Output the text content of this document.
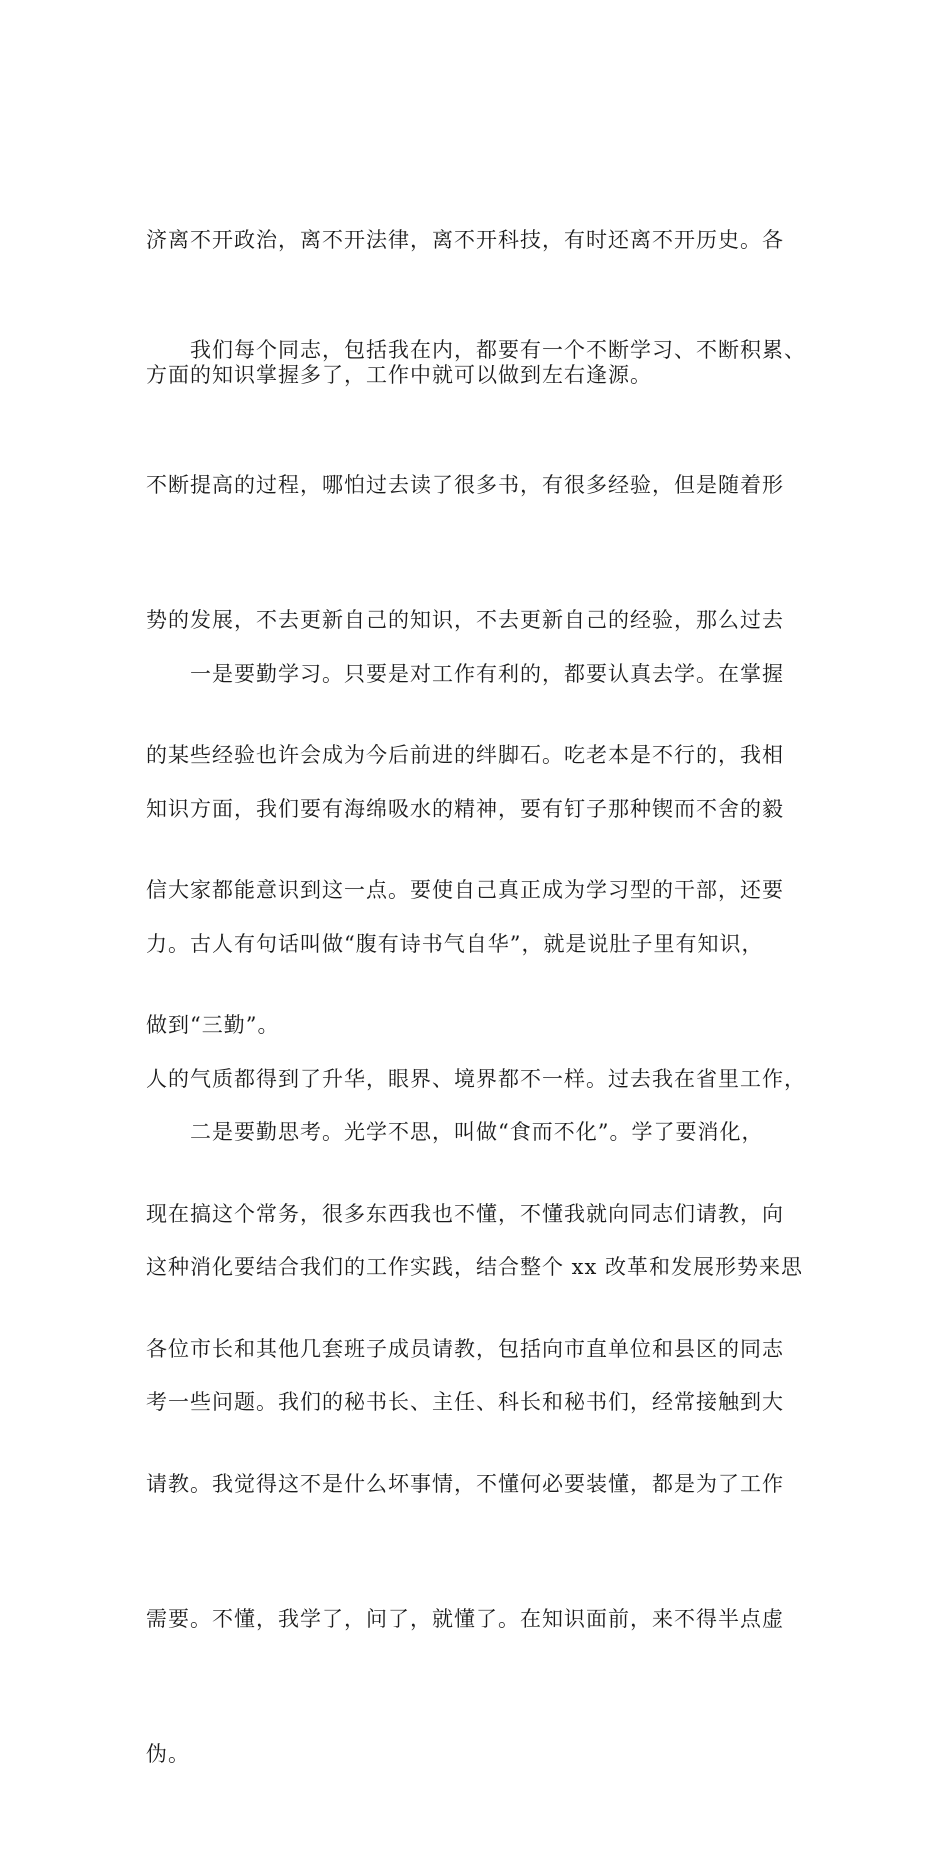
济离不开政治，离不开法律，离不开科技，有时还离不开历史。各

方面的知识掌握多了，工作中就可以做到左右逢源。

　　我们每个同志，包括我在内，都要有一个不断学习、不断积累、

不断提高的过程，哪怕过去读了很多书，有很多经验，但是随着形

势的发展，不去更新自己的知识，不去更新自己的经验，那么过去

的某些经验也许会成为今后前进的绊脚石。吃老本是不行的，我相

信大家都能意识到这一点。要使自己真正成为学习型的干部，还要

做到“三勤”。

　　一是要勤学习。只要是对工作有利的，都要认真去学。在掌握

知识方面，我们要有海绵吸水的精神，要有钉子那种锲而不舍的毅

力。古人有句话叫做“腹有诗书气自华”，就是说肚子里有知识，

人的气质都得到了升华，眼界、境界都不一样。过去我在省里工作，

现在搞这个常务，很多东西我也不懂，不懂我就向同志们请教，向

各位市长和其他几套班子成员请教，包括向市直单位和县区的同志

请教。我觉得这不是什么坏事情，不懂何必要装懂，都是为了工作

需要。不懂，我学了，问了，就懂了。在知识面前，来不得半点虚

伪。

　　二是要勤思考。光学不思，叫做“食而不化”。学了要消化，

这种消化要结合我们的工作实践，结合整个 xx 改革和发展形势来思

考一些问题。我们的秘书长、主任、科长和秘书们，经常接触到大
